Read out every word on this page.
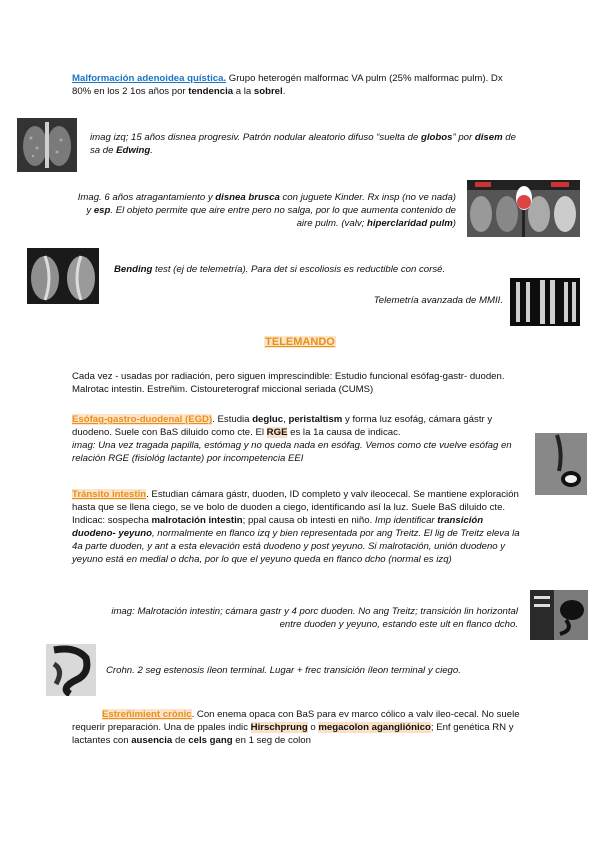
Malformación adenoidea quística. Grupo heterogén malformac VA pulm (25% malformac pulm). Dx 80% en los 2 1os años por tendencia a la sobrel.
imag izq; 15 años disnea progresiv. Patrón nodular aleatorio difuso “suelta de globos” por disem de sa de Edwing.
Imag. 6 años atragantamiento y disnea brusca con juguete Kinder. Rx insp (no ve nada) y esp. El objeto permite que aire entre pero no salga, por lo que aumenta contenido de aire pulm. (valv; hiperclaridad pulm)
Bending test (ej de telemetría). Para det si escoliosis es reductible con corsé.
Telemetría avanzada de MMII.
TELEMANDO
Cada vez - usadas por radiación, pero siguen imprescindible: Estudio funcional esófag-gastr- duoden. Malrotac intestin. Estreñim. Cistoureterograf miccional seriada (CUMS)
Esófag-gastro-duodenal (EGD). Estudia degluc, peristaltism y forma luz esofág, cámara gástr y duodeno. Suele con BaS diluido como cte. El RGE es la 1a causa de indicac.
imag: Una vez tragada papilla, estómag y no queda nada en esófag. Vemos como cte vuelve esófag en relación RGE (fisiológ lactante) por incompetencia EEI
Tránsito intestin. Estudian cámara gástr, duoden, ID completo y valv ileocecal. Se mantiene exploración hasta que se llena ciego, se ve bolo de duoden a ciego, identificando así la luz. Suele BaS diluido cte. Indicac: sospecha malrotación intestin; ppal causa ob intesti en niño. Imp identificar transición duodeno- yeyuno, normalmente en flanco izq y bien representada por ang Treitz. El lig de Treitz eleva la 4a parte duoden, y ant a esta elevación está duodeno y post yeyuno. Si malrotación, unión duodeno y yeyuno está en medial o dcha, por lo que el yeyuno queda en flanco dcho (normal es izq)
imag: Malrotación intestin; cámara gastr y 4 porc duoden. No ang Treitz; transición lin horizontal entre duoden y yeyuno, estando este ult en flanco dcho.
Crohn. 2 seg estenosis íleon terminal. Lugar + frec transición íleon terminal y ciego.
Estreñimient crònic. Con enema opaca con BaS para ev marco cólico a valv ileo-cecal. No suele requerir preparación. Una de ppales indic Hirschprung o megacolon agangliónico; Enf genética RN y lactantes con ausencia de cels gang en 1 seg de colon
